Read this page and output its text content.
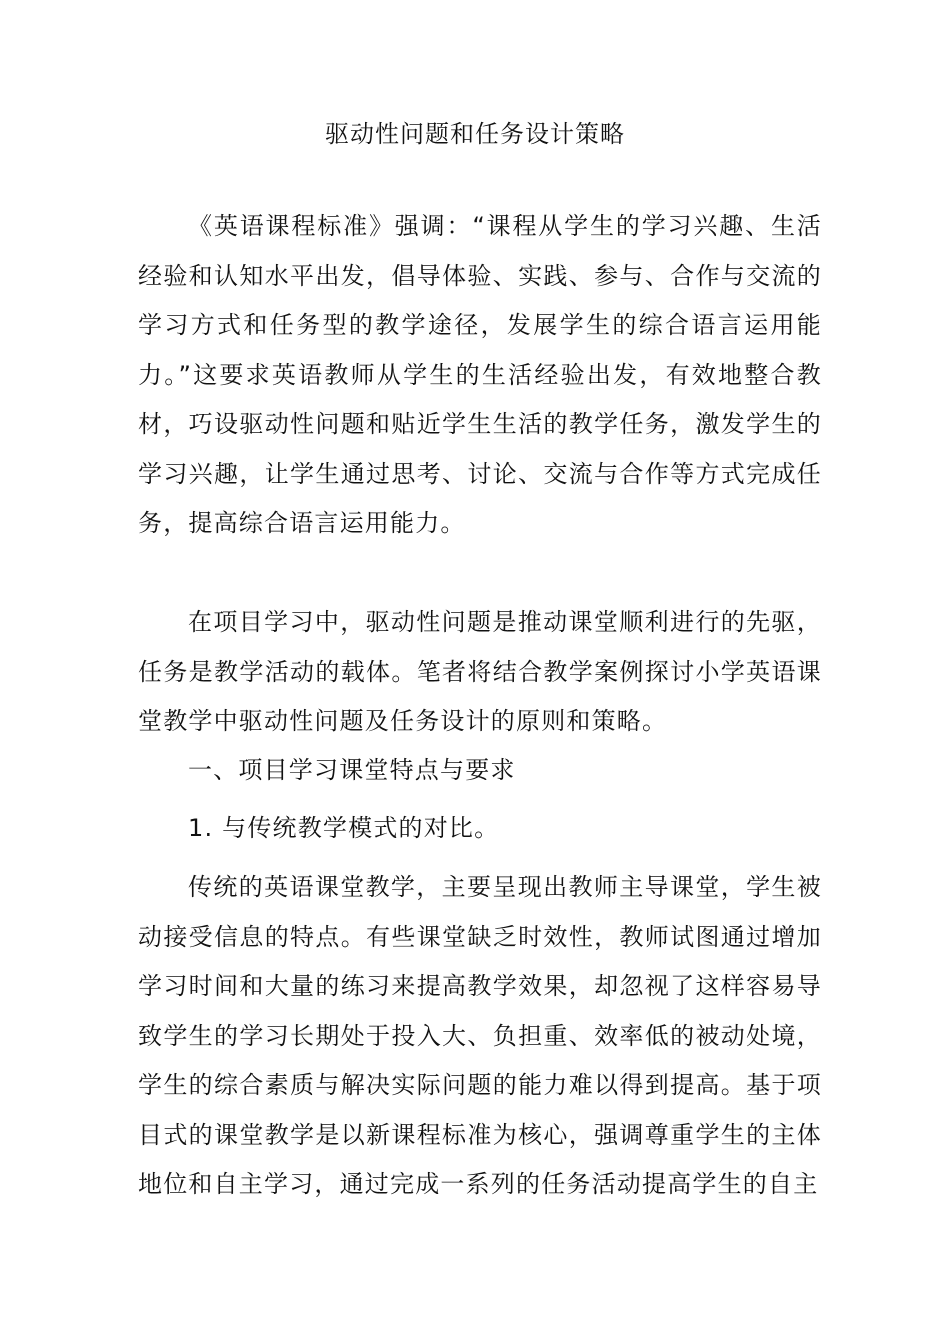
驱动性问题和任务设计策略

《英语课程标准》强调：“课程从学生的学习兴趣、生活经验和认知水平出发，倡导体验、实践、参与、合作与交流的学习方式和任务型的教学途径，发展学生的综合语言运用能力。”这要求英语教师从学生的生活经验出发，有效地整合教材，巧设驱动性问题和贴近学生生活的教学任务，激发学生的学习兴趣，让学生通过思考、讨论、交流与合作等方式完成任务，提高综合语言运用能力。

在项目学习中，驱动性问题是推动课堂顺利进行的先驱，任务是教学活动的载体。笔者将结合教学案例探讨小学英语课堂教学中驱动性问题及任务设计的原则和策略。

一、项目学习课堂特点与要求

1. 与传统教学模式的对比。

传统的英语课堂教学，主要呈现出教师主导课堂，学生被动接受信息的特点。有些课堂缺乏时效性，教师试图通过增加学习时间和大量的练习来提高教学效果，却忽视了这样容易导致学生的学习长期处于投入大、负担重、效率低的被动处境，学生的综合素质与解决实际问题的能力难以得到提高。基于项目式的课堂教学是以新课程标准为核心，强调尊重学生的主体地位和自主学习，通过完成一系列的任务活动提高学生的自主
